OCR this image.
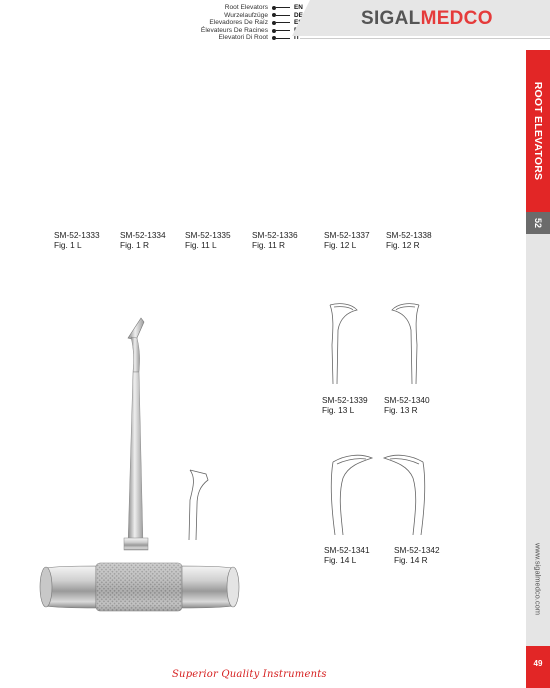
Root Elevators
Wurzelaufzüge
Elevadores De Raíz
Élevateurs De Racines
Elevatori Di Root	IT
SIGALMEDCO
ROOT ELEVATORS
52
www.sigalmedco.com
49
SM-52-1333
Fig. 1 L
SM-52-1334
Fig. 1 R
SM-52-1335
Fig. 11 L
SM-52-1336
Fig. 11 R
SM-52-1337
Fig. 12 L
SM-52-1338
Fig. 12 R
SM-52-1339
Fig. 13 L
SM-52-1340
Fig. 13 R
SM-52-1341
Fig. 14 L
SM-52-1342
Fig. 14 R
Superior Quality Instruments
